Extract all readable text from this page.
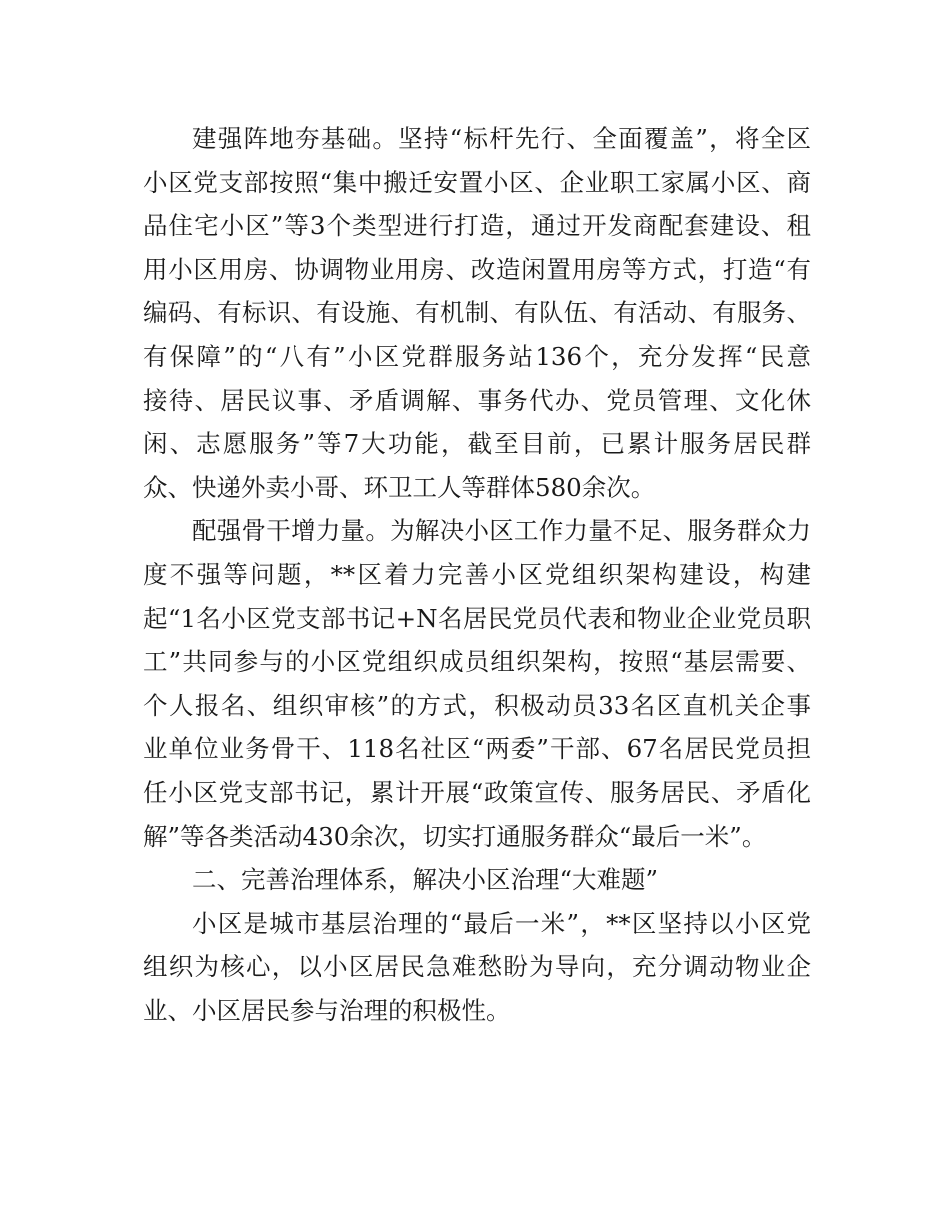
建强阵地夯基础。坚持“标杆先行、全面覆盖”，将全区
小区党支部按照“集中搬迁安置小区、企业职工家属小区、商
品住宅小区”等3个类型进行打造，通过开发商配套建设、租
用小区用房、协调物业用房、改造闲置用房等方式，打造“有
编码、有标识、有设施、有机制、有队伍、有活动、有服务、
有保障”的“八有”小区党群服务站136个，充分发挥“民意
接待、居民议事、矛盾调解、事务代办、党员管理、文化休
闲、志愿服务”等7大功能，截至目前，已累计服务居民群
众、快递外卖小哥、环卫工人等群体580余次。

配强骨干增力量。为解决小区工作力量不足、服务群众力
度不强等问题，**区着力完善小区党组织架构建设，构建
起“1名小区党支部书记+N名居民党员代表和物业企业党员职
工”共同参与的小区党组织成员组织架构，按照“基层需要、
个人报名、组织审核”的方式，积极动员33名区直机关企事
业单位业务骨干、118名社区“两委”干部、67名居民党员担
任小区党支部书记，累计开展“政策宣传、服务居民、矛盾化
解”等各类活动430余次，切实打通服务群众“最后一米”。

二、完善治理体系，解决小区治理“大难题”

小区是城市基层治理的“最后一米”，**区坚持以小区党
组织为核心，以小区居民急难愁盼为导向，充分调动物业企
业、小区居民参与治理的积极性。
